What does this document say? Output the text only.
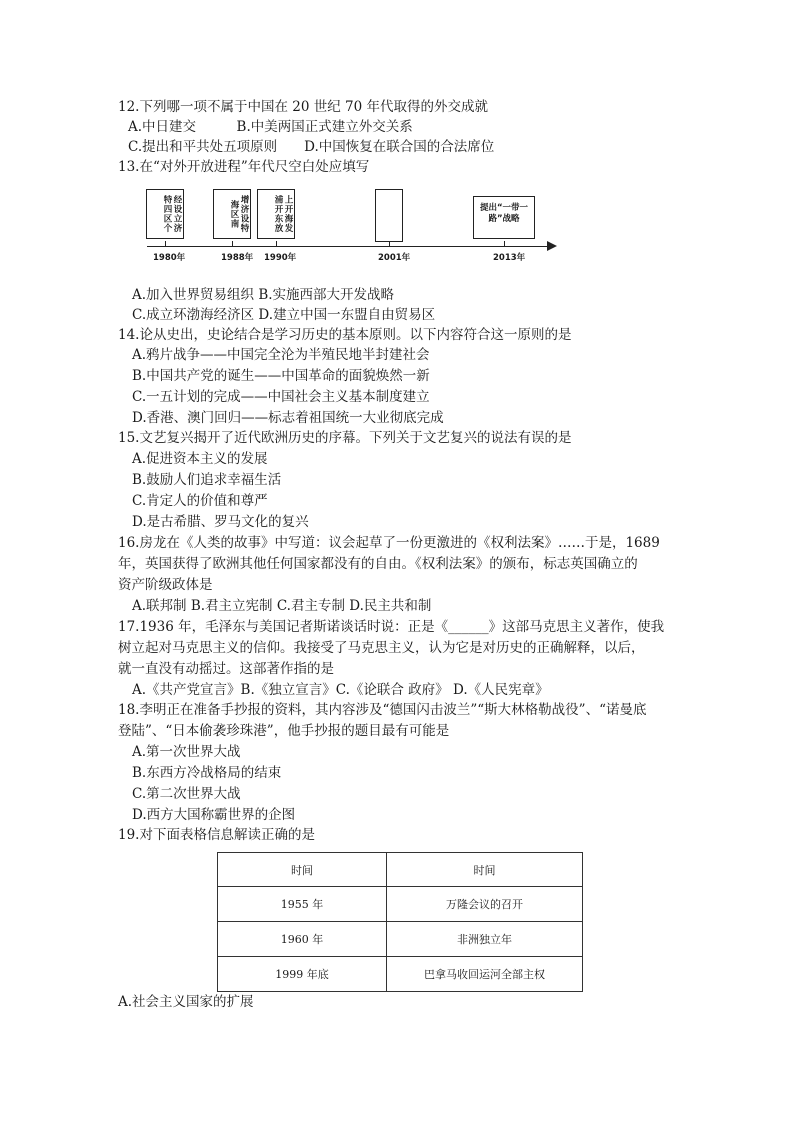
12.下列哪一项不属于中国在 20 世纪 70 年代取得的外交成就
A.中日建交　　　B.中美两国正式建立外交关系
C.提出和平共处五项原则　　D.中国恢复在联合国的合法席位
13.在“对外开放进程”年代尺空白处应填写
经设立济特四区个	增济设特海区南	上开海发浦开东放	提出“一带一路”战略
1980年	1988年 1990年	2001年	2013年
A.加入世界贸易组织 B.实施西部大开发战略
C.成立环渤海经济区 D.建立中国一东盟自由贸易区
14.论从史出，史论结合是学习历史的基本原则。以下内容符合这一原则的是
A.鸦片战争——中国完全沦为半殖民地半封建社会
B.中国共产党的诞生——中国革命的面貌焕然一新
C.一五计划的完成——中国社会主义基本制度建立
D.香港、澳门回归——标志着祖国统一大业彻底完成
15.文艺复兴揭开了近代欧洲历史的序幕。下列关于文艺复兴的说法有误的是
A.促进资本主义的发展
B.鼓励人们追求幸福生活
C.肯定人的价值和尊严
D.是古希腊、罗马文化的复兴
16.房龙在《人类的故事》中写道：议会起草了一份更激进的《权利法案》……于是，1689
年，英国获得了欧洲其他任何国家都没有的自由。《权利法案》的颁布，标志英国确立的
资产阶级政体是
A.联邦制 B.君主立宪制 C.君主专制 D.民主共和制
17.1936 年，毛泽东与美国记者斯诺谈话时说：正是《______》这部马克思主义著作，使我
树立起对马克思主义的信仰。我接受了马克思主义，认为它是对历史的正确解释，以后，
就一直没有动摇过。这部著作指的是
A.《共产党宣言》B.《独立宣言》C.《论联合 政府》 D.《人民宪章》
18.李明正在准备手抄报的资料，其内容涉及“德国闪击波兰”“斯大林格勒战役”、“诺曼底
登陆”、“日本偷袭珍珠港”，他手抄报的题目最有可能是
A.第一次世界大战
B.东西方冷战格局的结束
C.第二次世界大战
D.西方大国称霸世界的企图
19.对下面表格信息解读正确的是
时间	时间
1955 年	万隆会议的召开
1960 年	非洲独立年
1999 年底	巴拿马收回运河全部主权
A.社会主义国家的扩展
